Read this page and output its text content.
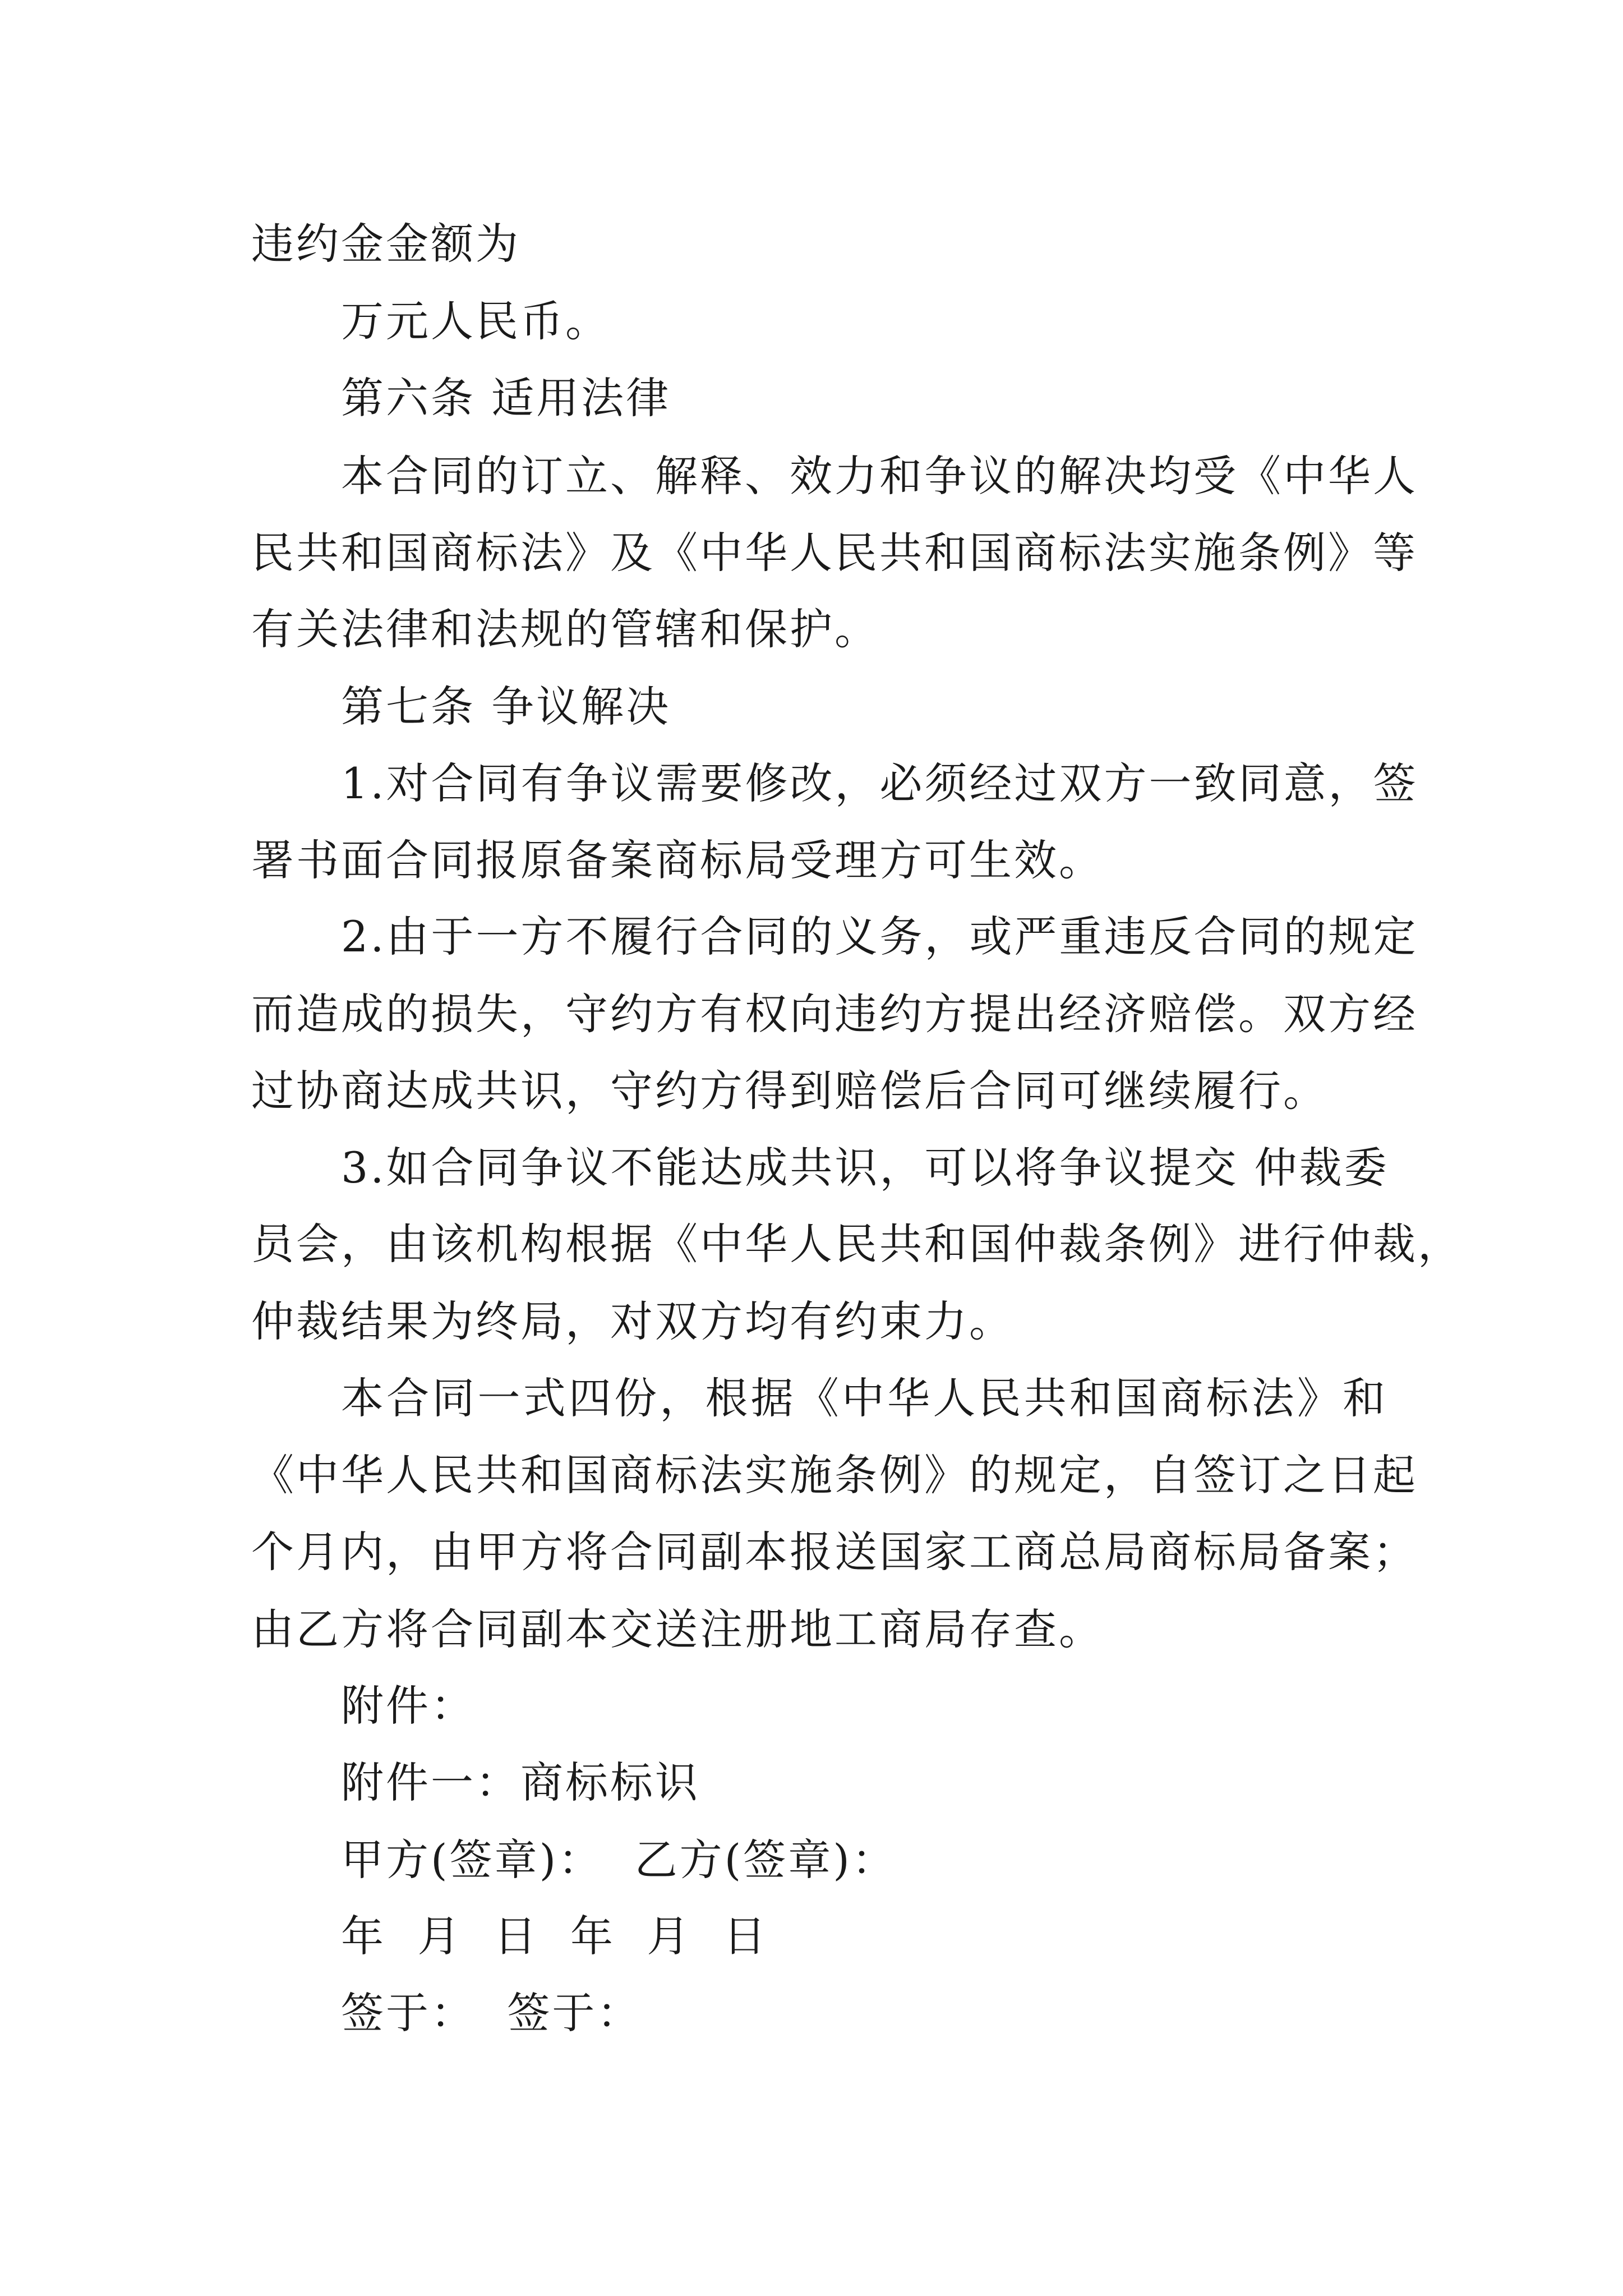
违约金金额为
万元人民币。
第六条 适用法律
本合同的订立、解释、效力和争议的解决均受《中华人
民共和国商标法》及《中华人民共和国商标法实施条例》等
有关法律和法规的管辖和保护。
第七条 争议解决
1.对合同有争议需要修改，必须经过双方一致同意，签
署书面合同报原备案商标局受理方可生效。
2.由于一方不履行合同的义务，或严重违反合同的规定
而造成的损失，守约方有权向违约方提出经济赔偿。双方经
过协商达成共识，守约方得到赔偿后合同可继续履行。
3.如合同争议不能达成共识，可以将争议提交 仲裁委
员会，由该机构根据《中华人民共和国仲裁条例》进行仲裁，
仲裁结果为终局，对双方均有约束力。
本合同一式四份，根据《中华人民共和国商标法》和
《中华人民共和国商标法实施条例》的规定，自签订之日起
个月内，由甲方将合同副本报送国家工商总局商标局备案；
由乙方将合同副本交送注册地工商局存查。
附件：
附件一：商标标识
甲方(签章)：  乙方(签章)：
年  月  日  年  月  日
签于：  签于：
